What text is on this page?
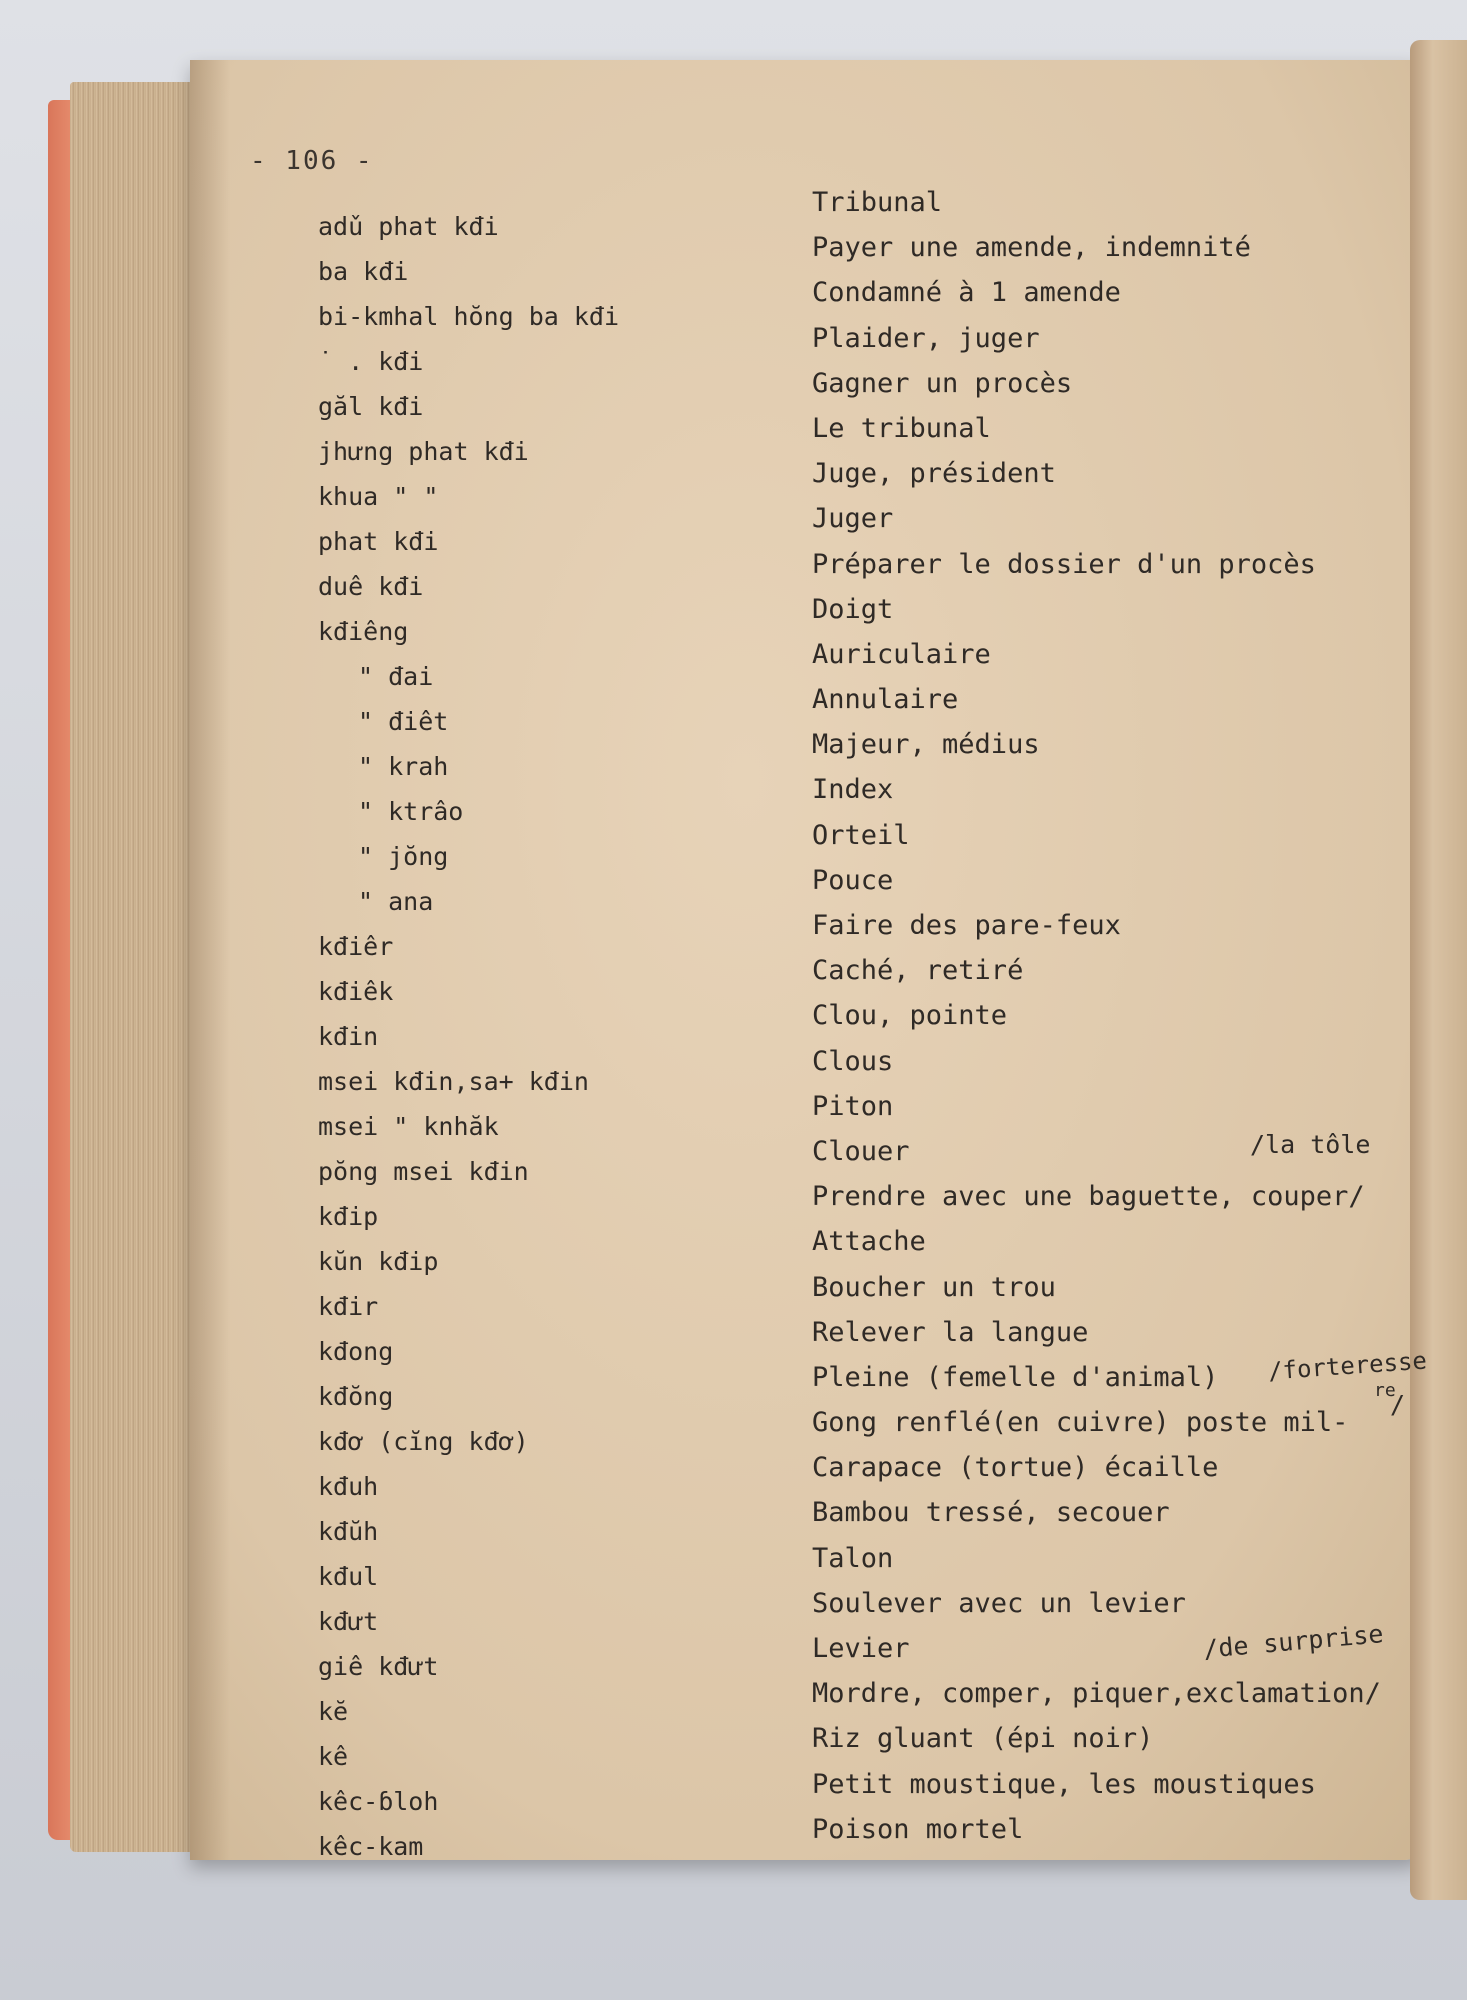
- 106 -
adǔ phat kđi
ba kđi
bi-kmhal hŏng ba kđi
˙ . kđi
găl kđi
jhưng phat kđi
khua " "
phat kđi
duê kđi
kđiêng
" đai
" điêt
" krah
" ktrâo
" jŏng
" ana
kđiêr
kđiêk
kđin
msei kđin,sa+ kđin
msei " knhăk
pŏng msei kđin
kđip
kŭn kđip
kđir
kđong
kđŏng
kđơ (cĭng kđơ)
kđuh
kđŭh
kđul
kđưt
giê kđưt
kĕ
kê
kêc-ɓloh
kêc-kam
Tribunal
Payer une amende, indemnité
Condamné à 1 amende
Plaider, juger
Gagner un procès
Le tribunal
Juge, président
Juger
Préparer le dossier d'un procès
Doigt
Auriculaire
Annulaire
Majeur, médius
Index
Orteil
Pouce
Faire des pare-feux
Caché, retiré
Clou, pointe
Clous
Piton
Clouer
Prendre avec une baguette, couper/
Attache
Boucher un trou
Relever la langue
Pleine (femelle d'animal)
Gong renflé(en cuivre) poste mil-
Carapace (tortue) écaille
Bambou tressé, secouer
Talon
Soulever avec un levier
Levier
Mordre, comper, piquer,exclamation/
Riz gluant (épi noir)
Petit moustique, les moustiques
Poison mortel
/la tôle
/forteresse
re
/
/de surprise
